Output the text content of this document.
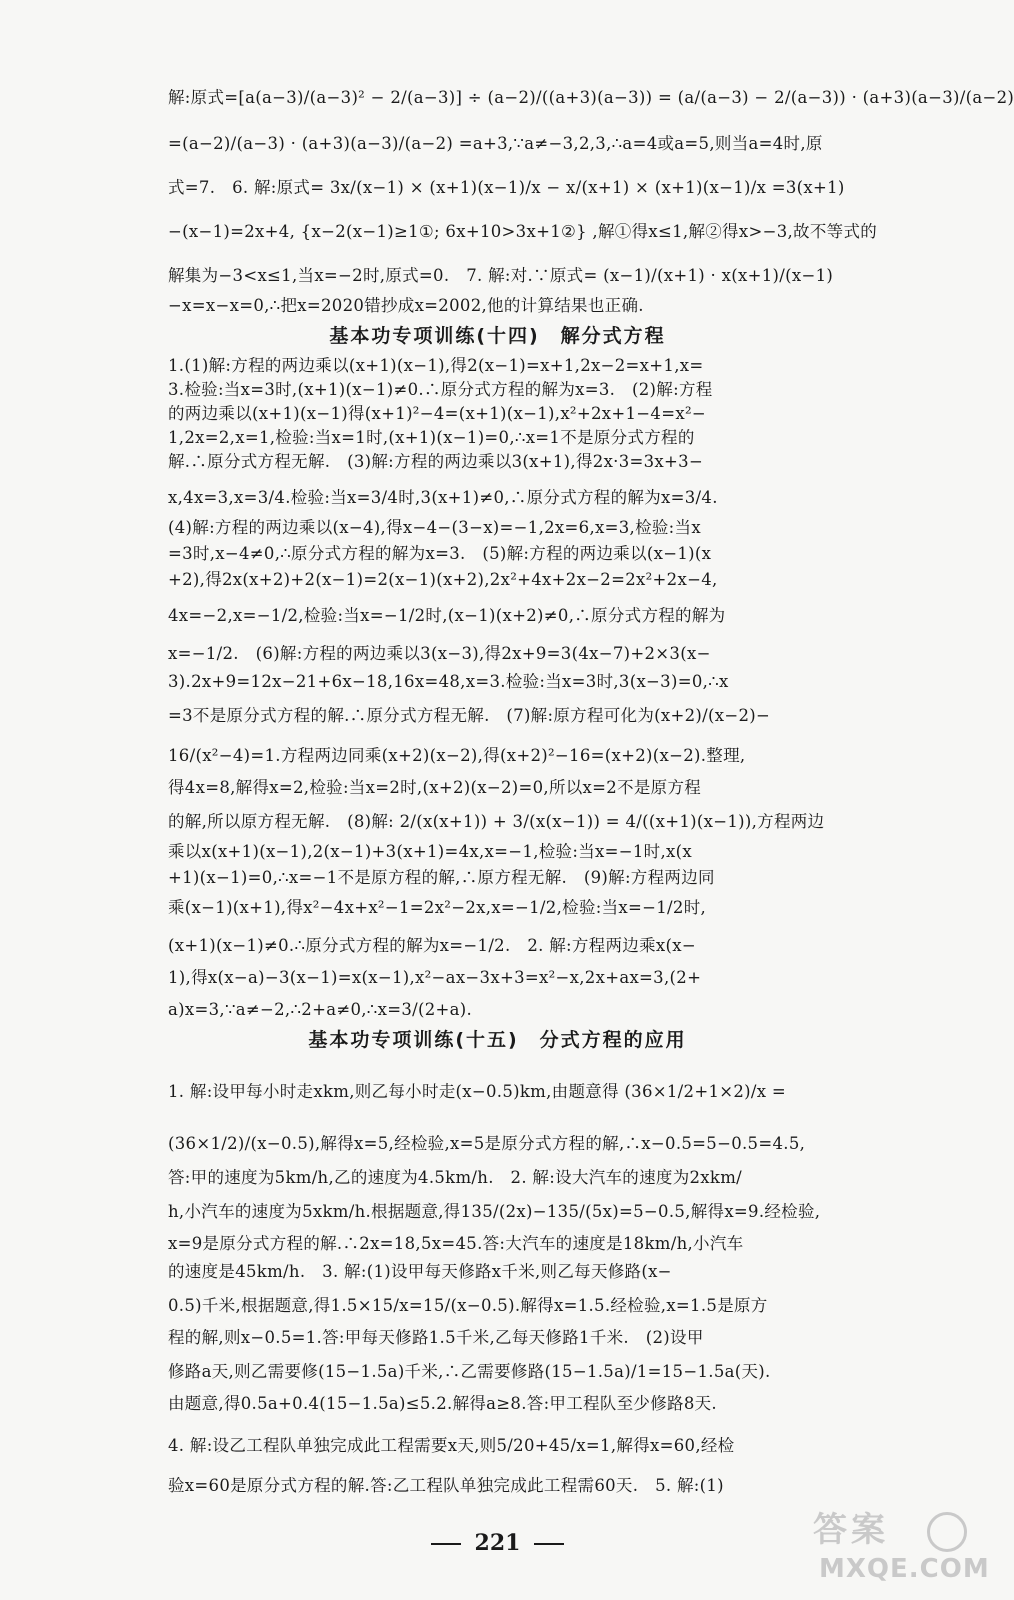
解:原式=[a(a−3)/(a−3)² − 2/(a−3)] ÷ (a−2)/((a+3)(a−3)) = (a/(a−3) − 2/(a−3)) · (a+3)(a−3)/(a−2)
=(a−2)/(a−3) · (a+3)(a−3)/(a−2) =a+3,∵a≠−3,2,3,∴a=4或a=5,则当a=4时,原
式=7.　6. 解:原式= 3x/(x−1) × (x+1)(x−1)/x − x/(x+1) × (x+1)(x−1)/x =3(x+1)
−(x−1)=2x+4, {x−2(x−1)≥1①; 6x+10>3x+1②} ,解①得x≤1,解②得x>−3,故不等式的
解集为−3<x≤1,当x=−2时,原式=0.　7. 解:对.∵原式= (x−1)/(x+1) · x(x+1)/(x−1)
−x=x−x=0,∴把x=2020错抄成x=2002,他的计算结果也正确.
基本功专项训练(十四)　解分式方程
1.(1)解:方程的两边乘以(x+1)(x−1),得2(x−1)=x+1,2x−2=x+1,x=
3.检验:当x=3时,(x+1)(x−1)≠0.∴原分式方程的解为x=3.　(2)解:方程
的两边乘以(x+1)(x−1)得(x+1)²−4=(x+1)(x−1),x²+2x+1−4=x²−
1,2x=2,x=1,检验:当x=1时,(x+1)(x−1)=0,∴x=1不是原分式方程的
解.∴原分式方程无解.　(3)解:方程的两边乘以3(x+1),得2x·3=3x+3−
x,4x=3,x=3/4.检验:当x=3/4时,3(x+1)≠0,∴原分式方程的解为x=3/4.
(4)解:方程的两边乘以(x−4),得x−4−(3−x)=−1,2x=6,x=3,检验:当x
=3时,x−4≠0,∴原分式方程的解为x=3.　(5)解:方程的两边乘以(x−1)(x
+2),得2x(x+2)+2(x−1)=2(x−1)(x+2),2x²+4x+2x−2=2x²+2x−4,
4x=−2,x=−1/2,检验:当x=−1/2时,(x−1)(x+2)≠0,∴原分式方程的解为
x=−1/2.　(6)解:方程的两边乘以3(x−3),得2x+9=3(4x−7)+2×3(x−
3).2x+9=12x−21+6x−18,16x=48,x=3.检验:当x=3时,3(x−3)=0,∴x
=3不是原分式方程的解.∴原分式方程无解.　(7)解:原方程可化为(x+2)/(x−2)−
16/(x²−4)=1.方程两边同乘(x+2)(x−2),得(x+2)²−16=(x+2)(x−2).整理,
得4x=8,解得x=2,检验:当x=2时,(x+2)(x−2)=0,所以x=2不是原方程
的解,所以原方程无解.　(8)解: 2/(x(x+1)) + 3/(x(x−1)) = 4/((x+1)(x−1)),方程两边
乘以x(x+1)(x−1),2(x−1)+3(x+1)=4x,x=−1,检验:当x=−1时,x(x
+1)(x−1)=0,∴x=−1不是原方程的解,∴原方程无解.　(9)解:方程两边同
乘(x−1)(x+1),得x²−4x+x²−1=2x²−2x,x=−1/2,检验:当x=−1/2时,
(x+1)(x−1)≠0.∴原分式方程的解为x=−1/2.　2. 解:方程两边乘x(x−
1),得x(x−a)−3(x−1)=x(x−1),x²−ax−3x+3=x²−x,2x+ax=3,(2+
a)x=3,∵a≠−2,∴2+a≠0,∴x=3/(2+a).
基本功专项训练(十五)　分式方程的应用
1. 解:设甲每小时走xkm,则乙每小时走(x−0.5)km,由题意得 (36×1/2+1×2)/x =
(36×1/2)/(x−0.5),解得x=5,经检验,x=5是原分式方程的解,∴x−0.5=5−0.5=4.5,
答:甲的速度为5km/h,乙的速度为4.5km/h.　2. 解:设大汽车的速度为2xkm/
h,小汽车的速度为5xkm/h.根据题意,得135/(2x)−135/(5x)=5−0.5,解得x=9.经检验,
x=9是原分式方程的解.∴2x=18,5x=45.答:大汽车的速度是18km/h,小汽车
的速度是45km/h.　3. 解:(1)设甲每天修路x千米,则乙每天修路(x−
0.5)千米,根据题意,得1.5×15/x=15/(x−0.5).解得x=1.5.经检验,x=1.5是原方
程的解,则x−0.5=1.答:甲每天修路1.5千米,乙每天修路1千米.　(2)设甲
修路a天,则乙需要修(15−1.5a)千米,∴乙需要修路(15−1.5a)/1=15−1.5a(天).
由题意,得0.5a+0.4(15−1.5a)≤5.2.解得a≥8.答:甲工程队至少修路8天.
4. 解:设乙工程队单独完成此工程需要x天,则5/20+45/x=1,解得x=60,经检
验x=60是原分式方程的解.答:乙工程队单独完成此工程需60天.　5. 解:(1)
221	答案
MXQE.COM
